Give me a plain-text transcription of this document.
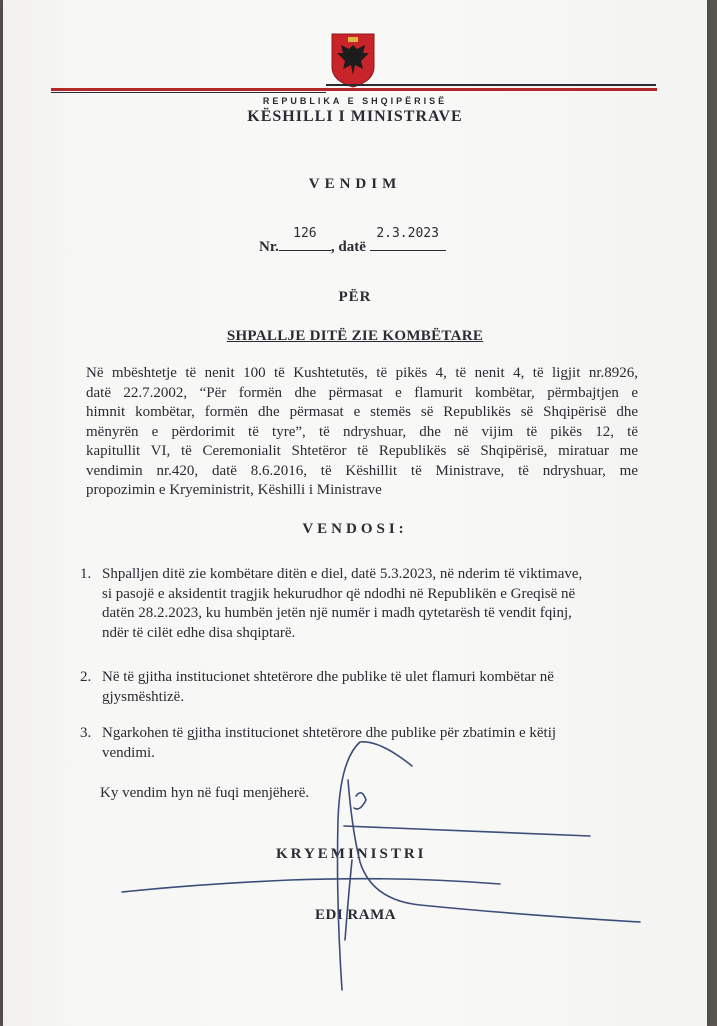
REPUBLIKA E SHQIPËRISË

KËSHILLI I MINISTRAVE

VENDIM

Nr.
126
, datë
2.3.2023

PËR

SHPALLJE DITË ZIE KOMBËTARE

Në mbështetje të nenit 100 të Kushtetutës, të pikës 4, të nenit 4, të ligjit nr.8926,
datë 22.7.2002, “Për formën dhe përmasat e flamurit kombëtar, përmbajtjen e
himnit kombëtar, formën dhe përmasat e stemës së Republikës së Shqipërisë dhe
mënyrën e përdorimit të tyre”, të ndryshuar, dhe në vijim të pikës 12, të
kapitullit VI, të Ceremonialit Shtetëror të Republikës së Shqipërisë, miratuar me
vendimin nr.420, datë 8.6.2016, të Këshillit të Ministrave, të ndryshuar, me
propozimin e Kryeministrit, Këshilli i Ministrave

VENDOSI:

1. Shpalljen ditë zie kombëtare ditën e diel, datë 5.3.2023, në nderim të viktimave,
si pasojë e aksidentit tragjik hekurudhor që ndodhi në Republikën e Greqisë në
datën 28.2.2023, ku humbën jetën një numër i madh qytetarësh të vendit fqinj,
ndër të cilët edhe disa shqiptarë.
2. Në të gjitha institucionet shtetërore dhe publike të ulet flamuri kombëtar në
gjysmështizë.
3. Ngarkohen të gjitha institucionet shtetërore dhe publike për zbatimin e këtij
vendimi.

Ky vendim hyn në fuqi menjëherë.

KRYEMINISTRI

EDI RAMA
